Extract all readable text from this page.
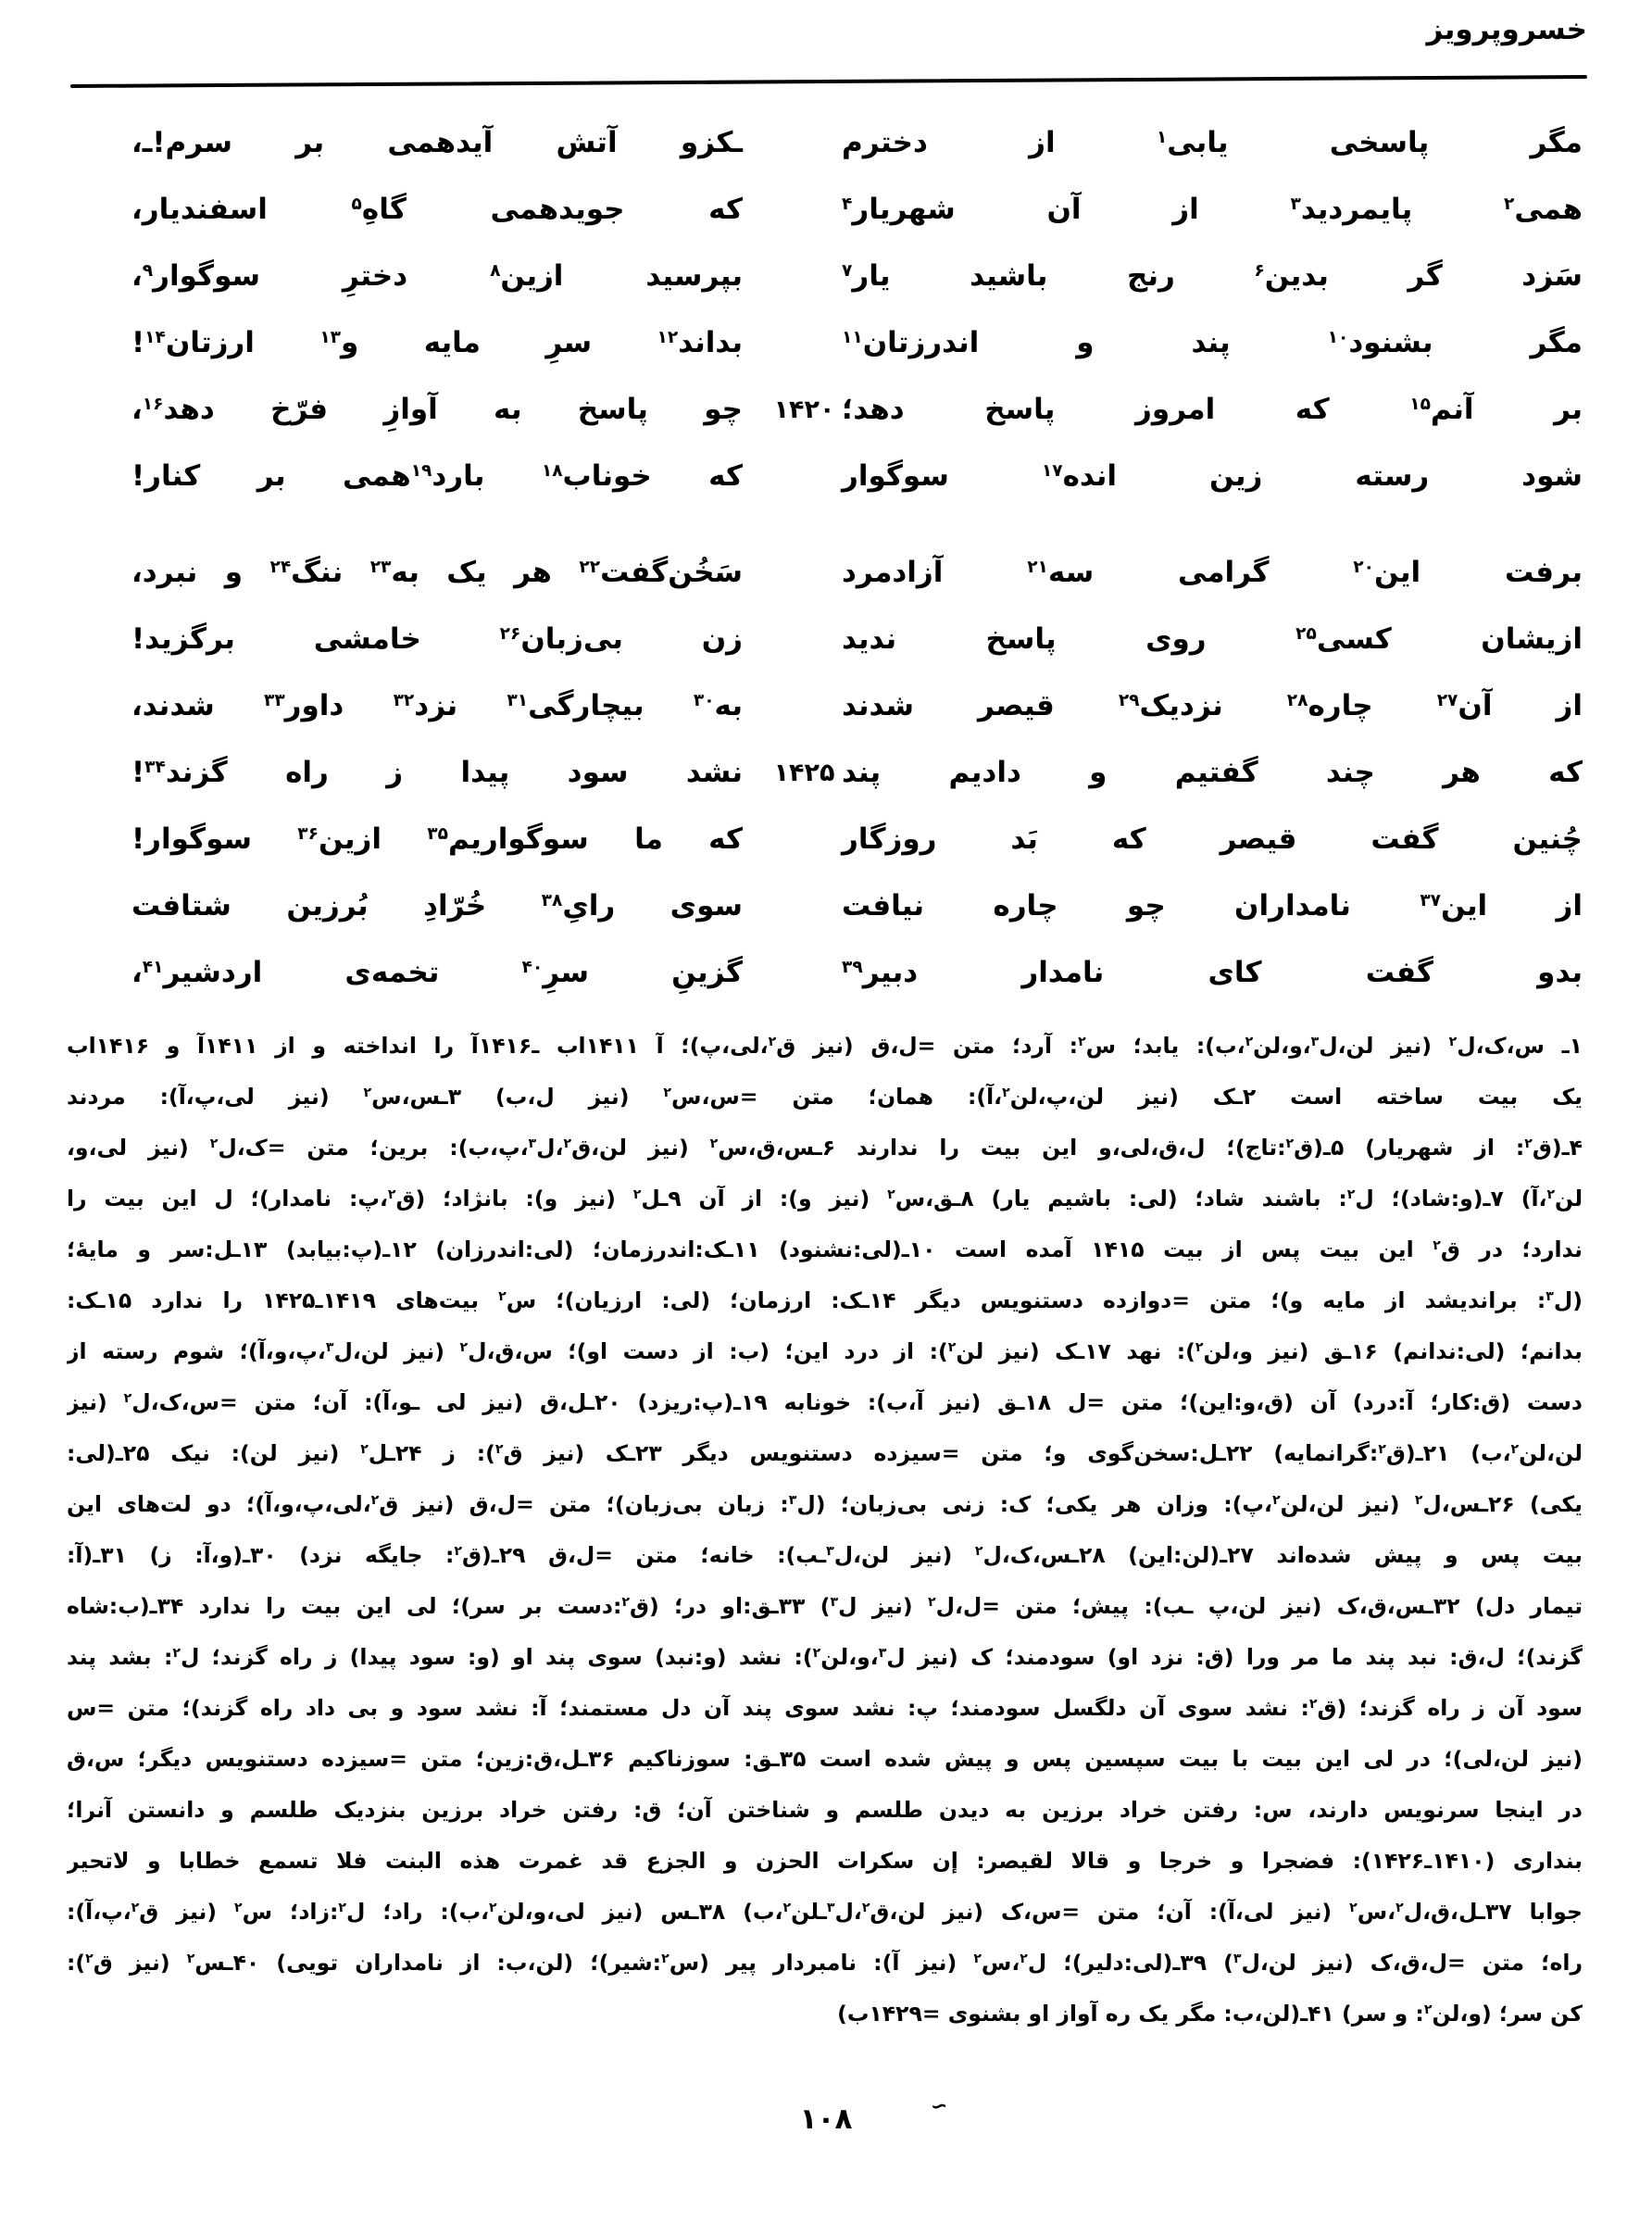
خسروپرویز
مگر پاسخی یابی$^۱$ از دخترم
ـکزو آتش آیدهمی بر سرم!ـ،
همی$^۲$ پایمردید$^۳$ از آن شهریار$^۴$
که جویدهمی گاهِ$^۵$ اسفندیار،
سَزد گر بدین$^۶$ رنج باشید یار$^۷$
بپرسید ازین$^۸$ دخترِ سوگوار$^۹$،
مگر بشنود$^{۱۰}$ پند و اندرزتان$^{۱۱}$
بداند$^{۱۲}$ سرِ مایه و$^{۱۳}$ ارزتان$^{۱۴}$!
بر آنم$^{۱۵}$ که امروز پاسخ دهد؛
۱۴۲۰
چو پاسخ به آوازِ فرّخ دهد$^{۱۶}$،
شود رسته زین انده$^{۱۷}$ سوگوار
که خوناب$^{۱۸}$ بارد$^{۱۹}$همی بر کنار!
برفت این$^{۲۰}$ گرامی سه$^{۲۱}$ آزادمرد
سَخُن‌گفت$^{۲۲}$ هر یک به$^{۲۳}$ ننگ$^{۲۴}$ و نبرد،
ازیشان کسی$^{۲۵}$ روی پاسخ ندید
زن بی‌زبان$^{۲۶}$ خامشی برگزید!
از آن$^{۲۷}$ چاره$^{۲۸}$ نزدیک$^{۲۹}$ قیصر شدند
به$^{۳۰}$ بیچارگی$^{۳۱}$ نزد$^{۳۲}$ داور$^{۳۳}$ شدند،
که هر چند گفتیم و دادیم پند
۱۴۲۵
نشد سود پیدا ز راه گزند$^{۳۴}$!
چُنین گفت قیصر که بَد روزگار
که ما سوگواریم$^{۳۵}$ ازین$^{۳۶}$ سوگوار!
از این$^{۳۷}$ نامداران چو چاره نیافت
سوی رایِ$^{۳۸}$ خُرّادِ بُرزین شتافت
بدو گفت کای نامدار دبیر$^{۳۹}$
گزینِ سرِ$^{۴۰}$ تخمه‌ی اردشیر$^{۴۱}$،
۱ـ س،ک،ل$^۲$ (نیز لن،ل$^۳$،و،لن$^۲$،ب): یابد؛ س$^۲$: آرد؛ متن =ل،ق (نیز ق$^۲$،لی،پ)؛ آ ۱۴۱۱اب ـ۱۴۱۶آ را انداخته و از ۱۴۱۱آ و ۱۴۱۶اب
یک بیت ساخته است ۲ـک (نیز لن،پ،لن$^۲$،آ): همان؛ متن =س،س$^۲$ (نیز ل،ب) ۳ـس،س$^۲$ (نیز لی،پ،آ): مردند
۴ـ(ق$^۲$: از شهریار) ۵ـ(ق$^۲$:تاج)؛ ل،ق،لی،و این بیت را ندارند ۶ـس،ق،س$^۲$ (نیز لن،ق$^۲$،ل$^۳$،پ،ب): برین؛ متن =ک،ل$^۲$ (نیز لی،و،
لن$^۲$،آ) ۷ـ(و:شاد)؛ ل$^۲$: باشند شاد؛ (لی: باشیم یار) ۸ـق،س$^۲$ (نیز و): از آن ۹ـل$^۲$ (نیز و): بانژاد؛ (ق$^۲$،پ: نامدار)؛ ل این بیت را
ندارد؛ در ق$^۲$ این بیت پس از بیت ۱۴۱۵ آمده است ۱۰ـ(لی:نشنود) ۱۱ـک:اندرزمان؛ (لی:اندرزان) ۱۲ـ(پ:بیابد) ۱۳ـل:سر و مایۀ؛
(ل$^۳$: براندیشد از مایه و)؛ متن =دوازده دستنویس دیگر ۱۴ـک: ارزمان؛ (لی: ارزیان)؛ س$^۲$ بیت‌های ۱۴۱۹ـ۱۴۲۵ را ندارد ۱۵ـک:
بدانم؛ (لی:ندانم) ۱۶ـق (نیز و،لن$^۲$): نهد ۱۷ـک (نیز لن$^۲$): از درد این؛ (ب: از دست او)؛ س،ق،ل$^۲$ (نیز لن،ل$^۳$،پ،و،آ)؛ شوم رسته از
دست (ق:کار؛ آ:درد) آن (ق،و:این)؛ متن =ل ۱۸ـق (نیز آ،ب): خونابه ۱۹ـ(پ:ریزد) ۲۰ـل،ق (نیز لی ـو،آ): آن؛ متن =س،ک،ل$^۲$ (نیز
لن،لن$^۲$،ب) ۲۱ـ(ق$^۲$:گرانمایه) ۲۲ـل:سخن‌گوی و؛ متن =سیزده دستنویس دیگر ۲۳ـک (نیز ق$^۲$): ز ۲۴ـل$^۲$ (نیز لن): نیک ۲۵ـ(لی:
یکی) ۲۶ـس،ل$^۲$ (نیز لن،لن$^۲$،پ): وزان هر یکی؛ ک: زنی بی‌زبان؛ (ل$^۳$: زبان بی‌زبان)؛ متن =ل،ق (نیز ق$^۲$،لی،پ،و،آ)؛ دو لت‌های این
بیت پس و پیش شده‌اند ۲۷ـ(لن:این) ۲۸ـس،ک،ل$^۲$ (نیز لن،ل$^۳$ـب): خانه؛ متن =ل،ق ۲۹ـ(ق$^۲$: جایگه نزد) ۳۰ـ(و،آ: ز) ۳۱ـ(آ:
تیمار دل) ۳۲ـس،ق،ک (نیز لن،پ ـب): پیش؛ متن =ل،ل$^۲$ (نیز ل$^۳$) ۳۳ـق:او در؛ (ق$^۲$:دست بر سر)؛ لی این بیت را ندارد ۳۴ـ(ب:شاه
گزند)؛ ل،ق: نبد پند ما مر ورا (ق: نزد او) سودمند؛ ک (نیز ل$^۳$،و،لن$^۲$): نشد (و:نبد) سوی پند او (و: سود پیدا) ز راه گزند؛ ل$^۲$: بشد پند
سود آن ز راه گزند؛ (ق$^۲$: نشد سوی آن دلگسل سودمند؛ پ: نشد سوی پند آن دل مستمند؛ آ: نشد سود و بی داد راه گزند)؛ متن =س
(نیز لن،لی)؛ در لی این بیت با بیت سپسین پس و پیش شده است ۳۵ـق: سوزناکیم ۳۶ـل،ق:زین؛ متن =سیزده دستنویس دیگر؛ س،ق
در اینجا سرنویس دارند، س: رفتن خراد برزین به دیدن طلسم و شناختن آن؛ ق: رفتن خراد برزین بنزدیک طلسم و دانستن آنرا؛
بنداری (۱۴۱۰ـ۱۴۲۶): فضجرا و خرجا و قالا لقیصر: إن سکرات الحزن و الجزع قد غمرت هذه البنت فلا تسمع خطابا و لاتحیر
جوابا ۳۷ـل،ق،ل$^۲$،س$^۲$ (نیز لی،آ): آن؛ متن =س،ک (نیز لن،ق$^۲$،ل$^۳$ـلن$^۲$،ب) ۳۸ـس (نیز لی،و،لن$^۲$،ب): راد؛ ل$^۲$:زاد؛ س$^۲$ (نیز ق$^۲$،پ،آ):
راه؛ متن =ل،ق،ک (نیز لن،ل$^۳$) ۳۹ـ(لی:دلیر)؛ ل$^۲$،س$^۲$ (نیز آ): نامبردار پیر (س$^۲$:شیر)؛ (لن،ب: از نامداران تویی) ۴۰ـس$^۲$ (نیز ق$^۲$):
کن سر؛ (و،لن$^۲$: و سر) ۴۱ـ(لن،ب: مگر یک ره آواز او بشنوی =۱۴۲۹ب)
۱۰۸	∼
